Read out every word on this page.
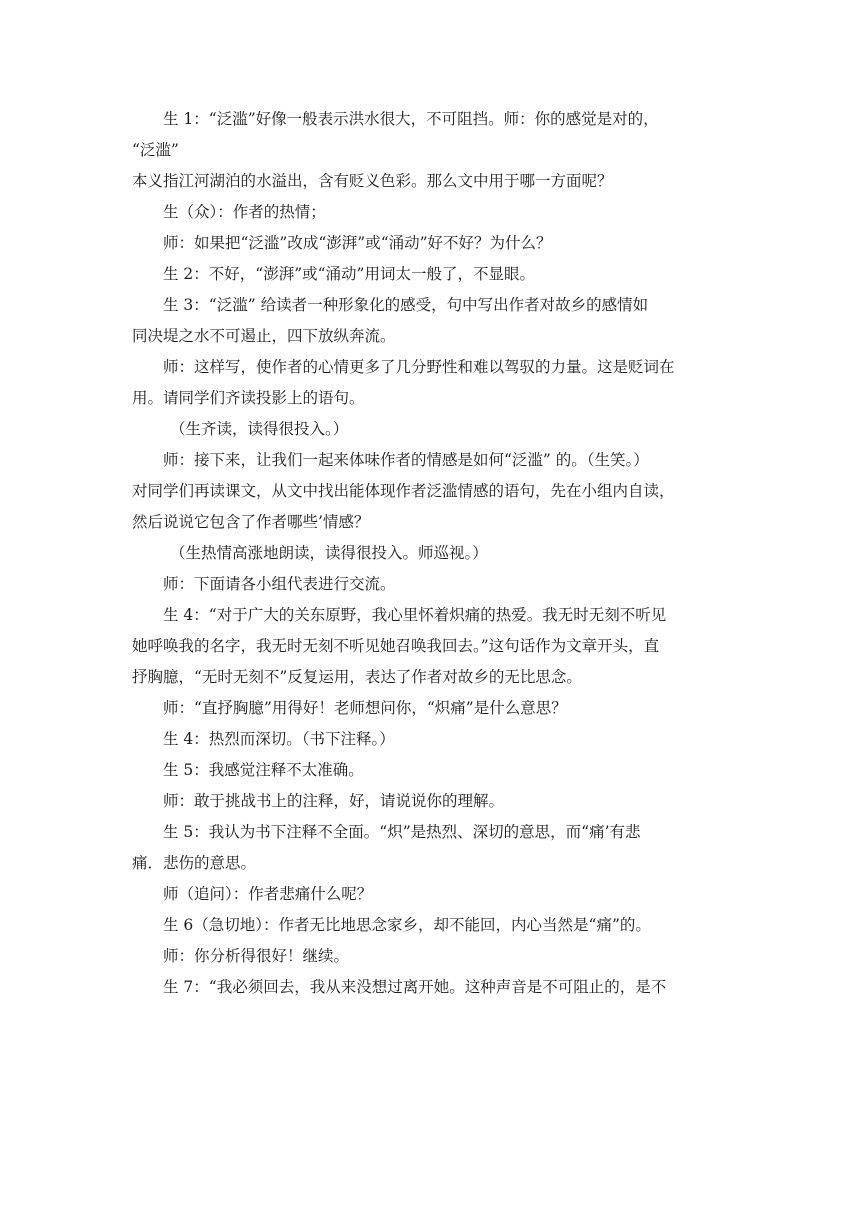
生 1：“泛滥”好像一般表示洪水很大，不可阻挡。师：你的感觉是对的，
“泛滥”
本义指江河湖泊的水溢出，含有贬义色彩。那么文中用于哪一方面呢？
生（众）：作者的热情；
师：如果把“泛滥”改成“澎湃”或“涌动”好不好？为什么？
生 2：不好，“澎湃”或“涌动”用词太一般了，不显眼。
生 3：“泛滥” 给读者一种形象化的感受，句中写出作者对故乡的感情如
同决堤之水不可遏止，四下放纵奔流。
师：这样写，使作者的心情更多了几分野性和难以驾驭的力量。这是贬词在
用。请同学们齐读投影上的语句。
（生齐读，读得很投入。）
师：接下来，让我们一起来体味作者的情感是如何“泛滥” 的。（生笑。）
对同学们再读课文，从文中找出能体现作者泛滥情感的语句，先在小组内自读，
然后说说它包含了作者哪些’情感？
（生热情高涨地朗读，读得很投入。师巡视。）
师：下面请各小组代表进行交流。
生 4：“对于广大的关东原野，我心里怀着炽痛的热爱。我无时无刻不听见
她呼唤我的名字，我无时无刻不听见她召唤我回去。”这句话作为文章开头，直
抒胸臆，“无时无刻不”反复运用，表达了作者对故乡的无比思念。
师：“直抒胸臆”用得好！老师想问你，“炽痛”是什么意思？
生 4：热烈而深切。（书下注释。）
生 5：我感觉注释不太准确。
师：敢于挑战书上的注释，好，请说说你的理解。
生 5：我认为书下注释不全面。“炽”是热烈、深切的意思，而“痛’有悲
痛．悲伤的意思。
师（追问）：作者悲痛什么呢？
生 6（急切地）：作者无比地思念家乡，却不能回，内心当然是“痛”的。
师：你分析得很好！继续。
生 7：“我必须回去，我从来没想过离开她。这种声音是不可阻止的，是不
